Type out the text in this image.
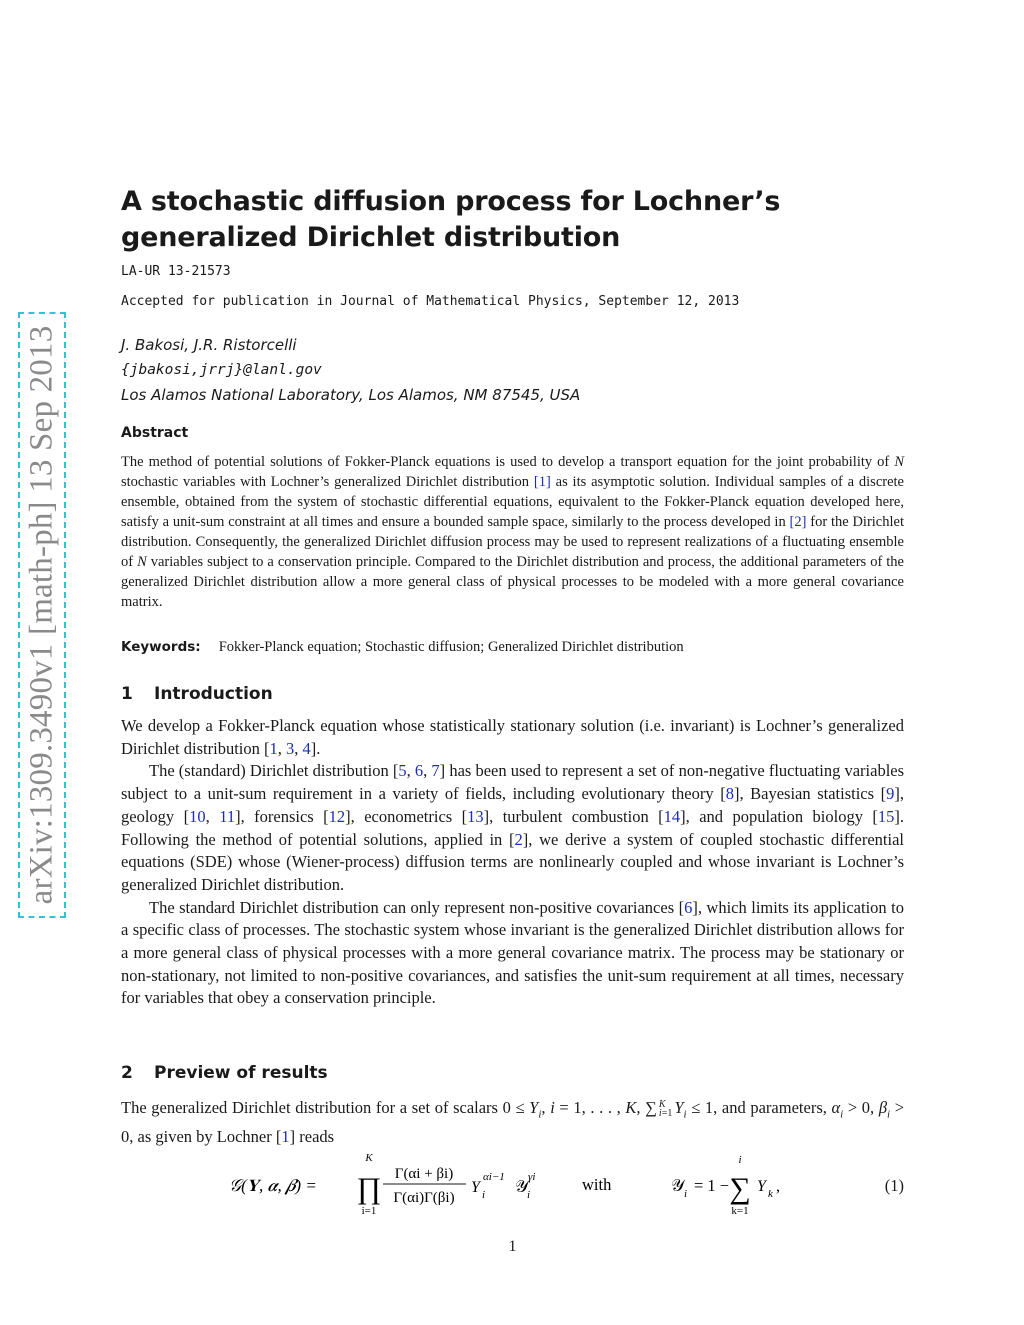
arXiv:1309.3490v1 [math-ph] 13 Sep 2013
A stochastic diffusion process for Lochner’s generalized Dirichlet distribution
LA-UR 13-21573
Accepted for publication in Journal of Mathematical Physics, September 12, 2013
J. Bakosi, J.R. Ristorcelli
{jbakosi,jrrj}@lanl.gov
Los Alamos National Laboratory, Los Alamos, NM 87545, USA
Abstract
The method of potential solutions of Fokker-Planck equations is used to develop a transport equation for the joint probability of N stochastic variables with Lochner’s generalized Dirichlet distribution [1] as its asymptotic solution. Individual samples of a discrete ensemble, obtained from the system of stochastic differential equations, equivalent to the Fokker-Planck equation developed here, satisfy a unit-sum constraint at all times and ensure a bounded sample space, similarly to the process developed in [2] for the Dirichlet distribution. Consequently, the generalized Dirichlet diffusion process may be used to represent realizations of a fluctuating ensemble of N variables subject to a conservation principle. Compared to the Dirichlet distribution and process, the additional parameters of the generalized Dirichlet distribution allow a more general class of physical processes to be modeled with a more general covariance matrix.
Keywords: Fokker-Planck equation; Stochastic diffusion; Generalized Dirichlet distribution
1 Introduction

We develop a Fokker-Planck equation whose statistically stationary solution (i.e. invariant) is Lochner’s generalized Dirichlet distribution [1, 3, 4].

The (standard) Dirichlet distribution [5, 6, 7] has been used to represent a set of non-negative fluctuating variables subject to a unit-sum requirement in a variety of fields, including evolutionary theory [8], Bayesian statistics [9], geology [10, 11], forensics [12], econometrics [13], turbulent combustion [14], and population biology [15]. Following the method of potential solutions, applied in [2], we derive a system of coupled stochastic differential equations (SDE) whose (Wiener-process) diffusion terms are nonlinearly coupled and whose invariant is Lochner’s generalized Dirichlet distribution.

The standard Dirichlet distribution can only represent non-positive covariances [6], which limits its application to a specific class of processes. The stochastic system whose invariant is the generalized Dirichlet distribution allows for a more general class of physical processes with a more general covariance matrix. The process may be stationary or non-stationary, not limited to non-positive covariances, and satisfies the unit-sum requirement at all times, necessary for variables that obey a conservation principle.

2 Preview of results

The generalized Dirichlet distribution for a set of scalars $0 \le Y_i$, i = 1, . . . , K, ∑ K
i=1 $Y_i \le 1$, and parameters, $\alpha_i > 0$, $\beta_i > 0$, as given by Lochner [1] reads

𝒢(𝐘, 𝜶, 𝜷) =
K
∏
i=1
Γ(αi + βi)
Γ(αi)Γ(βi)
Y
αi−1
i 𝒴 γi
i
with	𝒴 i = 1 −
i
∑
k=1
Y k ,	(1)
1
